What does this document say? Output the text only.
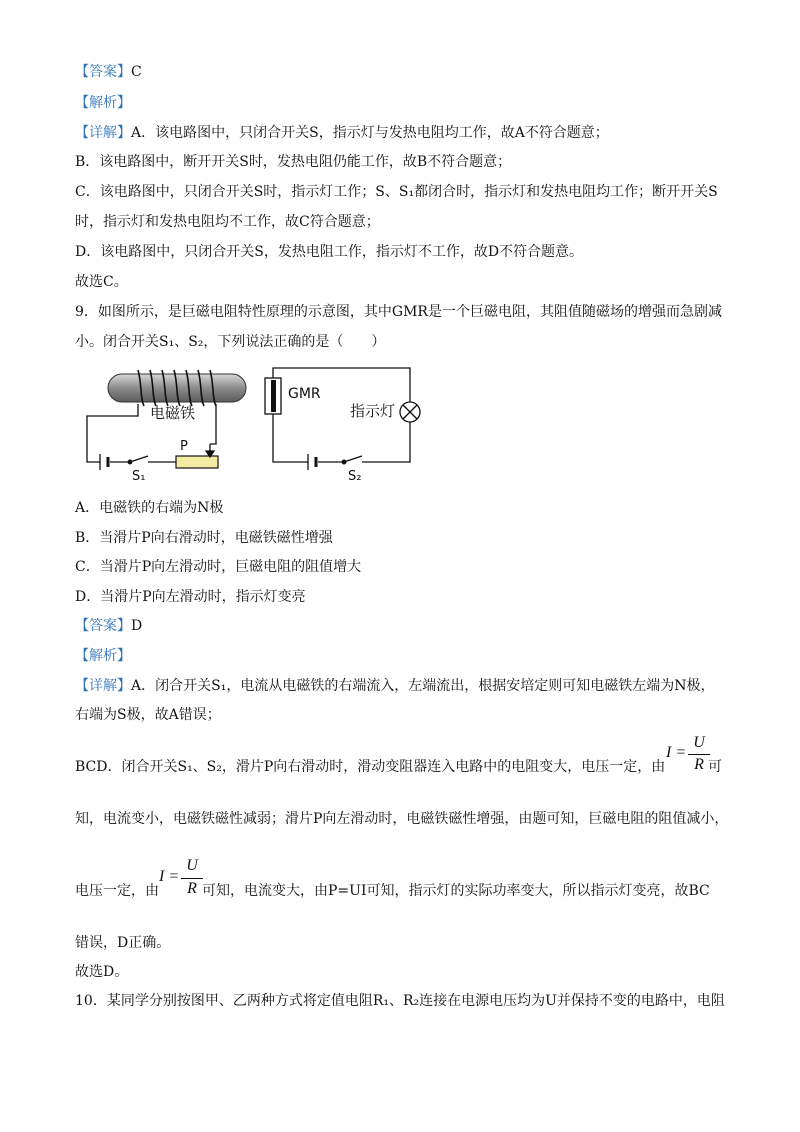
【答案】C
【解析】
【详解】A．该电路图中，只闭合开关S，指示灯与发热电阻均工作，故A不符合题意；
B．该电路图中，断开开关S时，发热电阻仍能工作，故B不符合题意；
C．该电路图中，只闭合开关S时，指示灯工作；S、S₁都闭合时，指示灯和发热电阻均工作；断开开关S
时，指示灯和发热电阻均不工作，故C符合题意；
D．该电路图中，只闭合开关S，发热电阻工作，指示灯不工作，故D不符合题意。
故选C。
9．如图所示，是巨磁电阻特性原理的示意图，其中GMR是一个巨磁电阻，其阻值随磁场的增强而急剧减
小。闭合开关S₁、S₂，下列说法正确的是（　　）
电磁铁
P
S₁
GMR
指示灯
S₂
A．电磁铁的右端为N极
B．当滑片P向右滑动时，电磁铁磁性增强
C．当滑片P向左滑动时，巨磁电阻的阻值增大
D．当滑片P向左滑动时，指示灯变亮
【答案】D
【解析】
【详解】A．闭合开关S₁，电流从电磁铁的右端流入，左端流出，根据安培定则可知电磁铁左端为N极，
右端为S极，故A错误；
BCD．闭合开关S₁、S₂，滑片P向右滑动时，滑动变阻器连入电路中的电阻变大，电压一定，由
I =
U
R 可
知，电流变小，电磁铁磁性减弱；滑片P向左滑动时，电磁铁磁性增强，由题可知，巨磁电阻的阻值减小，
电压一定，由
I =
U
R 可知，电流变大，由P=UI可知，指示灯的实际功率变大，所以指示灯变亮，故BC
错误，D正确。
故选D。
10．某同学分别按图甲、乙两种方式将定值电阻R₁、R₂连接在电源电压均为U并保持不变的电路中，电阻
